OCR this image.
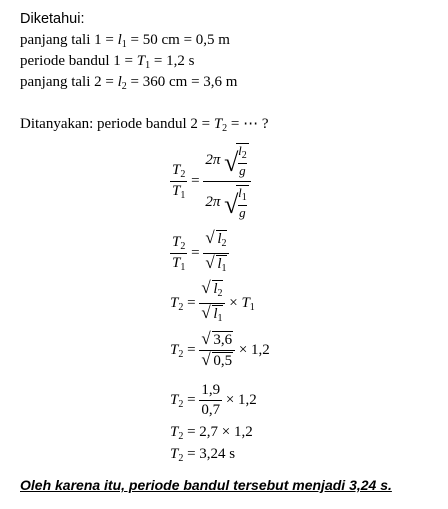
Diketahui:
panjang tali $1 = l_1 = 50$ cm = 0,5 m
periode bandul $1 = T_1 = 1,2$ s
panjang tali $2 = l_2 = 360$ cm = 3,6 m
Ditanyakan: periode bandul $2 = T_2$ = ⋯ ?
$\frac{T_2}{T_1} = \frac{2\pi √ \frac{l_2}{g}}{2\pi √ \frac{l_1}{g}}$
$\frac{T_2}{T_1} = \frac{√ l_2}{√ l_1}$
$T_2 = \frac{√ l_2}{√ l_1} \times T_1$
$T_2 = \frac{√ 3,6}{√ 0,5} \times 1,2$
$T_2 = \frac{1,9}{0,7} \times 1,2$
$T_2 = 2,7 \times 1,2$
$T_2 = 3,24$ s
Oleh karena itu, periode bandul tersebut menjadi 3,24 s.
